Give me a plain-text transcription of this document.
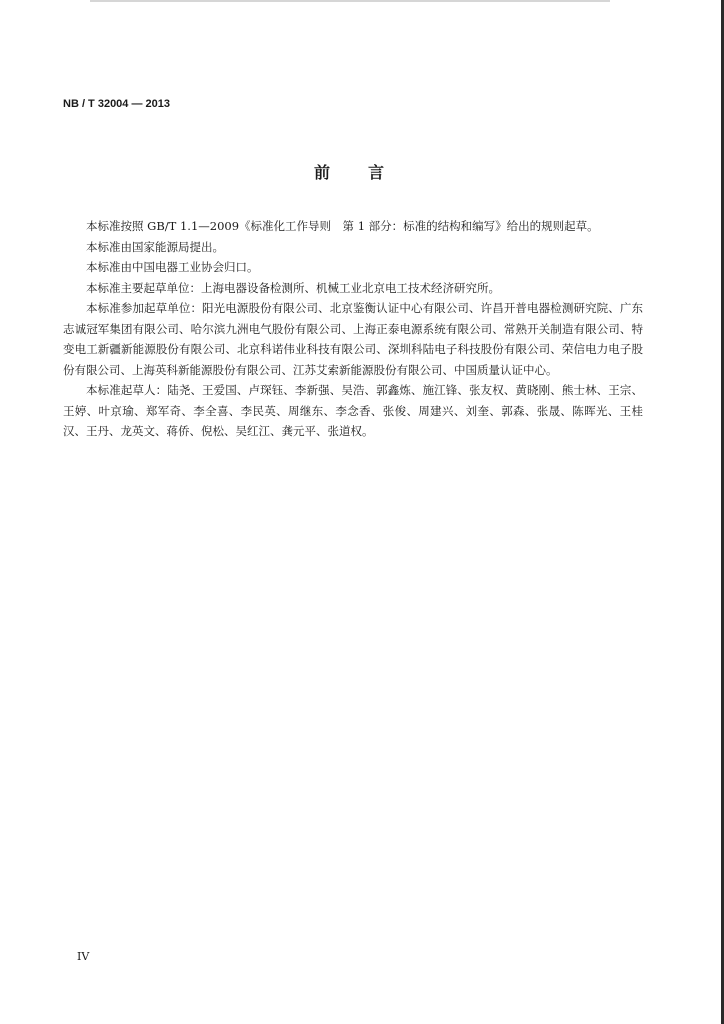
NB / T 32004 — 2013
前 言

本标准按照 GB/T 1.1—2009《标准化工作导则　第 1 部分：标准的结构和编写》给出的规则起草。

本标准由国家能源局提出。

本标准由中国电器工业协会归口。

本标准主要起草单位：上海电器设备检测所、机械工业北京电工技术经济研究所。

本标准参加起草单位：阳光电源股份有限公司、北京鉴衡认证中心有限公司、许昌开普电器检测研究院、广东志诚冠军集团有限公司、哈尔滨九洲电气股份有限公司、上海正泰电源系统有限公司、常熟开关制造有限公司、特变电工新疆新能源股份有限公司、北京科诺伟业科技有限公司、深圳科陆电子科技股份有限公司、荣信电力电子股份有限公司、上海英科新能源股份有限公司、江苏艾索新能源股份有限公司、中国质量认证中心。

本标准起草人：陆尧、王爱国、卢琛钰、李新强、吴浩、郭鑫炼、施江锋、张友权、黄晓刚、熊士林、王宗、王婷、叶京瑜、郑军奇、李全喜、李民英、周继东、李念香、张俊、周建兴、刘奎、郭森、张晟、陈晖光、王桂汉、王丹、龙英文、蒋侨、倪松、吴红江、龚元平、张道权。

IV
